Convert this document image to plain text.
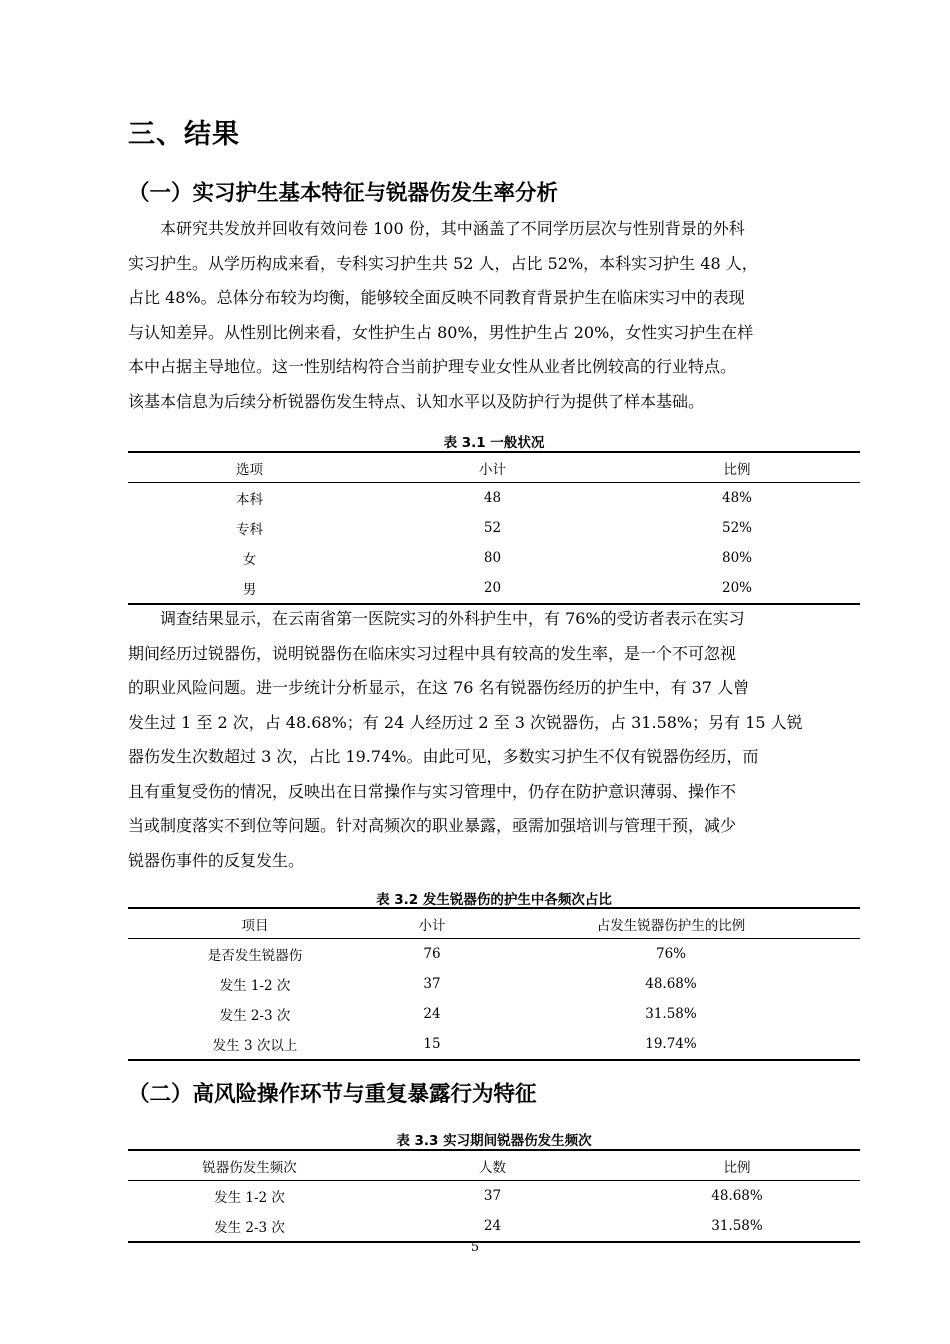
三、结果
（一）实习护生基本特征与锐器伤发生率分析
本研究共发放并回收有效问卷 100 份，其中涵盖了不同学历层次与性别背景的外科
实习护生。从学历构成来看，专科实习护生共 52 人，占比 52%，本科实习护生 48 人，
占比 48%。总体分布较为均衡，能够较全面反映不同教育背景护生在临床实习中的表现
与认知差异。从性别比例来看，女性护生占 80%，男性护生占 20%，女性实习护生在样
本中占据主导地位。这一性别结构符合当前护理专业女性从业者比例较高的行业特点。
该基本信息为后续分析锐器伤发生特点、认知水平以及防护行为提供了样本基础。
表 3.1 一般状况
选项	小计	比例
本科	48	48%
专科	52	52%
女	80	80%
男	20	20%
调查结果显示，在云南省第一医院实习的外科护生中，有 76%的受访者表示在实习
期间经历过锐器伤，说明锐器伤在临床实习过程中具有较高的发生率，是一个不可忽视
的职业风险问题。进一步统计分析显示，在这 76 名有锐器伤经历的护生中，有 37 人曾
发生过 1 至 2 次，占 48.68%；有 24 人经历过 2 至 3 次锐器伤，占 31.58%；另有 15 人锐
器伤发生次数超过 3 次，占比 19.74%。由此可见，多数实习护生不仅有锐器伤经历，而
且有重复受伤的情况，反映出在日常操作与实习管理中，仍存在防护意识薄弱、操作不
当或制度落实不到位等问题。针对高频次的职业暴露，亟需加强培训与管理干预，减少
锐器伤事件的反复发生。
表 3.2 发生锐器伤的护生中各频次占比
项目	小计	占发生锐器伤护生的比例
是否发生锐器伤	76	76%
发生 1-2 次	37	48.68%
发生 2-3 次	24	31.58%
发生 3 次以上	15	19.74%
（二）高风险操作环节与重复暴露行为特征
表 3.3 实习期间锐器伤发生频次
锐器伤发生频次	人数	比例
发生 1-2 次	37	48.68%
发生 2-3 次	24	31.58%
5
